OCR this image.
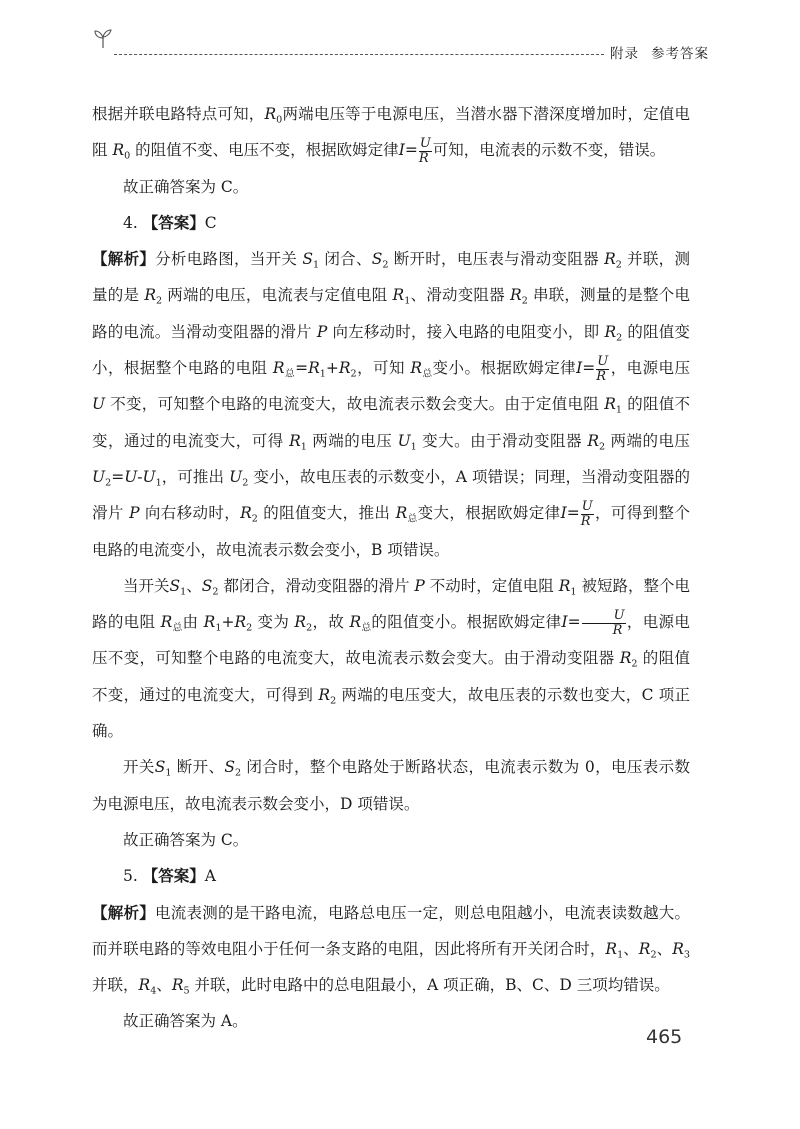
附录 参考答案

根据并联电路特点可知，$R_0$两端电压等于电源电压，当潜水器下潜深度增加时，定值电阻 $R_0$ 的阻值不变、电压不变，根据欧姆定律$I= \frac{U}{R}$ 可知，电流表的示数不变，错误。

故正确答案为 C。

4. 【答案】C

【解析】分析电路图，当开关 $S_1$ 闭合、$S_2$ 断开时，电压表与滑动变阻器 $R_2$ 并联，测量的是 $R_2$ 两端的电压，电流表与定值电阻 $R_1$、滑动变阻器 $R_2$ 串联，测量的是整个电路的电流。当滑动变阻器的滑片 P 向左移动时，接入电路的电阻变小，即 $R_2$ 的阻值变小，根据整个电路的电阻 $R_总=R_1+R_2$，可知 $R_总$变小。根据欧姆定律$I= \frac{U}{R}$ ，电源电压 U 不变，可知整个电路的电流变大，故电流表示数会变大。由于定值电阻 $R_1$ 的阻值不变，通过的电流变大，可得 $R_1$ 两端的电压 $U_1$ 变大。由于滑动变阻器 $R_2$ 两端的电压 $U_2=U-U_1$，可推出 $U_2$ 变小，故电压表的示数变小，A 项错误；同理，当滑动变阻器的滑片 P 向右移动时，$R_2$ 的阻值变大，推出 $R_总$变大，根据欧姆定律$I= \frac{U}{R}$ ，可得到整个电路的电流变小，故电流表示数会变小，B 项错误。

当开关$S_1$、$S_2$ 都闭合，滑动变阻器的滑片 P 不动时，定值电阻 $R_1$ 被短路，整个电路的电阻 $R_总$由 $R_1+R_2$ 变为 $R_2$，故 $R_总$的阻值变小。根据欧姆定律$I= \frac{U}{R}$ ，电源电压不变，可知整个电路的电流变大，故电流表示数会变大。由于滑动变阻器 $R_2$ 的阻值不变，通过的电流变大，可得到 $R_2$ 两端的电压变大，故电压表的示数也变大，C 项正确。

开关$S_1$ 断开、$S_2$ 闭合时，整个电路处于断路状态，电流表示数为 0，电压表示数为电源电压，故电流表示数会变小，D 项错误。

故正确答案为 C。

5. 【答案】A

【解析】电流表测的是干路电流，电路总电压一定，则总电阻越小，电流表读数越大。而并联电路的等效电阻小于任何一条支路的电阻，因此将所有开关闭合时，$R_1$、$R_2$、$R_3$ 并联，$R_4$、$R_5$ 并联，此时电路中的总电阻最小，A 项正确，B、C、D 三项均错误。

故正确答案为 A。

465
